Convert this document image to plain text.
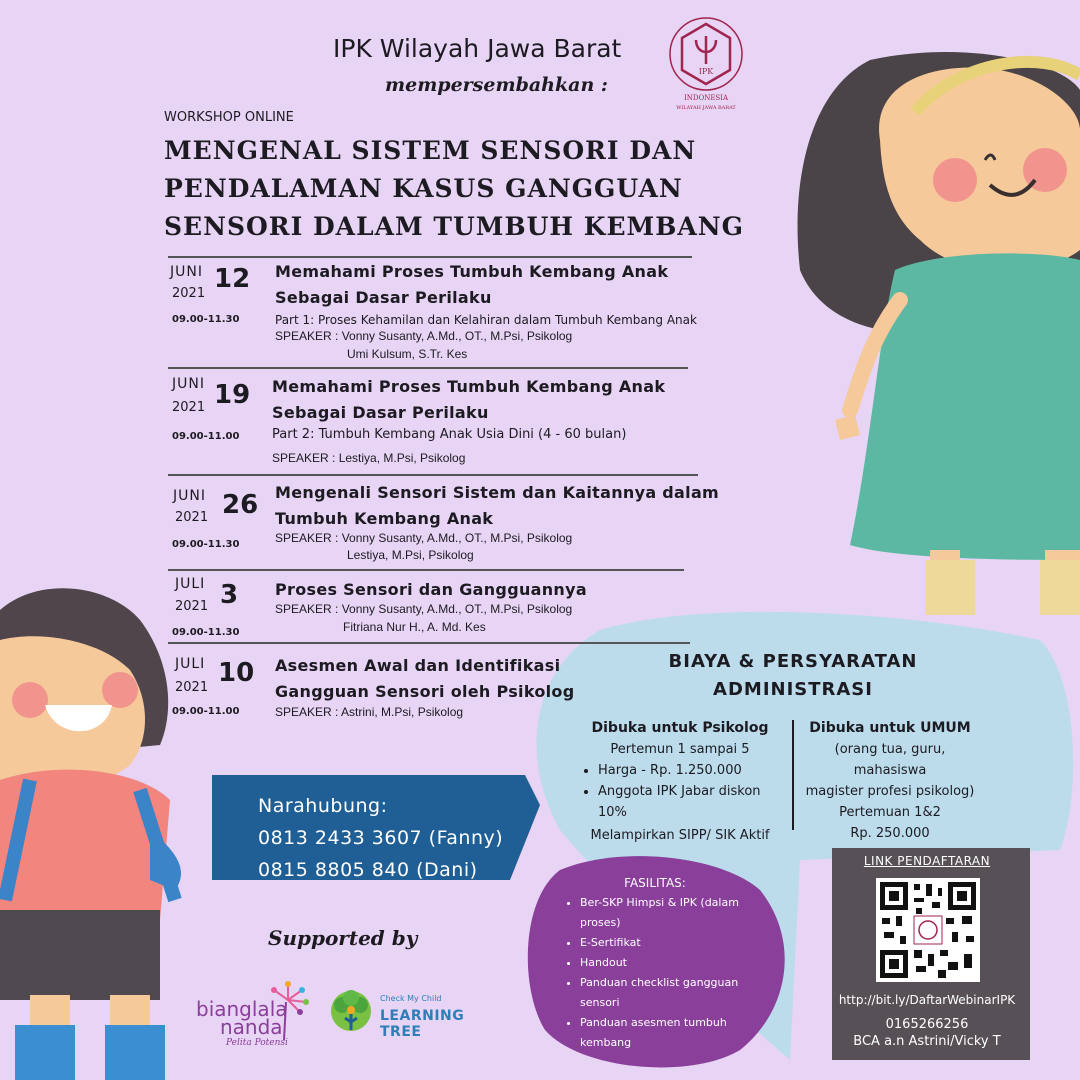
IPK Wilayah Jawa Barat
mempersembahkan :
IPK
INDONESIA
WILAYAH JAWA BARAT
WORKSHOP ONLINE
MENGENAL SISTEM SENSORI DAN
PENDALAMAN KASUS GANGGUAN
SENSORI DALAM TUMBUH KEMBANG
JUNI 12
2021
09.00-11.30
Memahami Proses Tumbuh Kembang Anak
Sebagai Dasar Perilaku
Part 1: Proses Kehamilan dan Kelahiran dalam Tumbuh Kembang Anak
SPEAKER : Vonny Susanty, A.Md., OT., M.Psi, Psikolog
Umi Kulsum, S.Tr. Kes
JUNI 19
2021
09.00-11.00
Memahami Proses Tumbuh Kembang Anak
Sebagai Dasar Perilaku
Part 2: Tumbuh Kembang Anak Usia Dini (4 - 60 bulan)
SPEAKER : Lestiya, M.Psi, Psikolog
JUNI 26
2021
09.00-11.30
Mengenali Sensori Sistem dan Kaitannya dalam
Tumbuh Kembang Anak
SPEAKER : Vonny Susanty, A.Md., OT., M.Psi, Psikolog
Lestiya, M.Psi, Psikolog
JULI 3
2021
09.00-11.30
Proses Sensori dan Gangguannya
SPEAKER : Vonny Susanty, A.Md., OT., M.Psi, Psikolog
Fitriana Nur H., A. Md. Kes
JULI 10
2021
09.00-11.00
Asesmen Awal dan Identifikasi
Gangguan Sensori oleh Psikolog
SPEAKER : Astrini, M.Psi, Psikolog
Narahubung:
0813 2433 3607 (Fanny)
0815 8805 840 (Dani)
BIAYA & PERSYARATAN
ADMINISTRASI
Dibuka untuk Psikolog
Pertemun 1 sampai 5
• Harga - Rp. 1.250.000
• Anggota IPK Jabar diskon 10%
Melampirkan SIPP/ SIK Aktif
Dibuka untuk UMUM
(orang tua, guru, mahasiswa
magister profesi psikolog)
Pertemuan 1&2
Rp. 250.000
FASILITAS:
• Ber-SKP Himpsi & IPK (dalam proses)
• E-Sertifikat
• Handout
• Panduan checklist gangguan sensori
• Panduan asesmen tumbuh kembang
LINK PENDAFTARAN
http://bit.ly/DaftarWebinarIPK
0165266256
BCA a.n Astrini/Vicky T
Supported by
bianglala
nanda
Pelita Potensi
Check My Child
LEARNING TREE
